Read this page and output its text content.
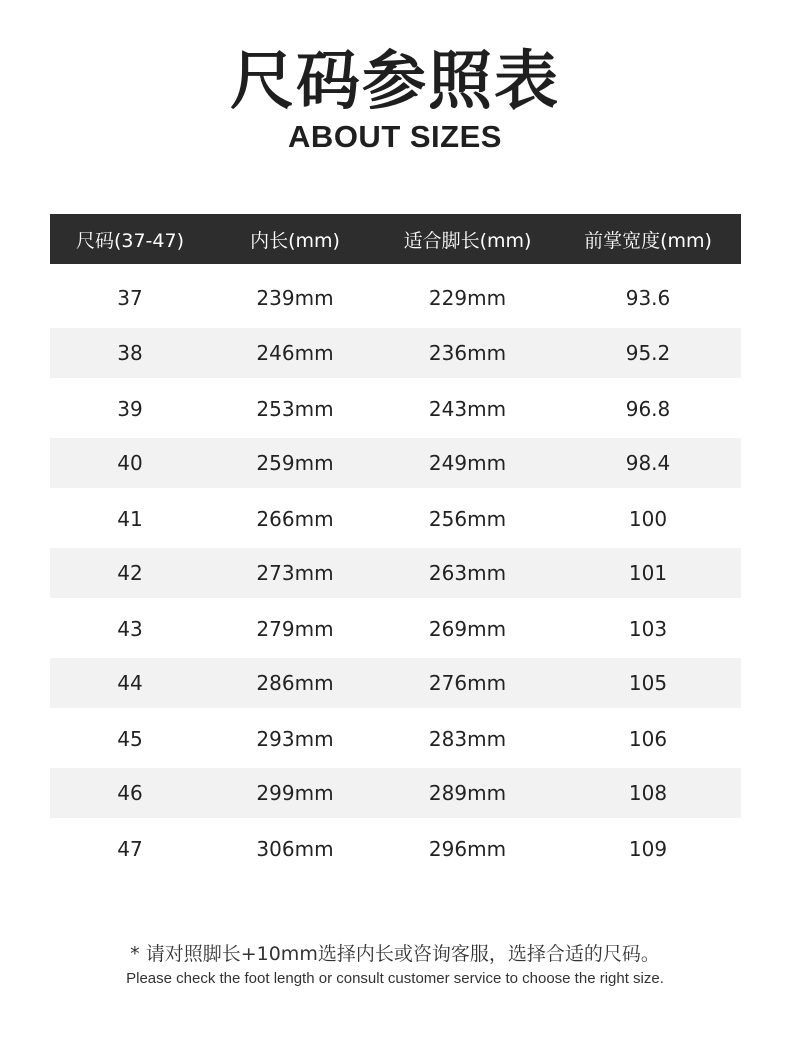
尺码参照表
ABOUT SIZES
尺码(37-47)	内长(mm)	适合脚长(mm)	前掌宽度(mm)
37	239mm	229mm	93.6
38	246mm	236mm	95.2
39	253mm	243mm	96.8
40	259mm	249mm	98.4
41	266mm	256mm	100
42	273mm	263mm	101
43	279mm	269mm	103
44	286mm	276mm	105
45	293mm	283mm	106
46	299mm	289mm	108
47	306mm	296mm	109
* 请对照脚长+10mm选择内长或咨询客服，选择合适的尺码。
Please check the foot length or consult customer service to choose the right size.
